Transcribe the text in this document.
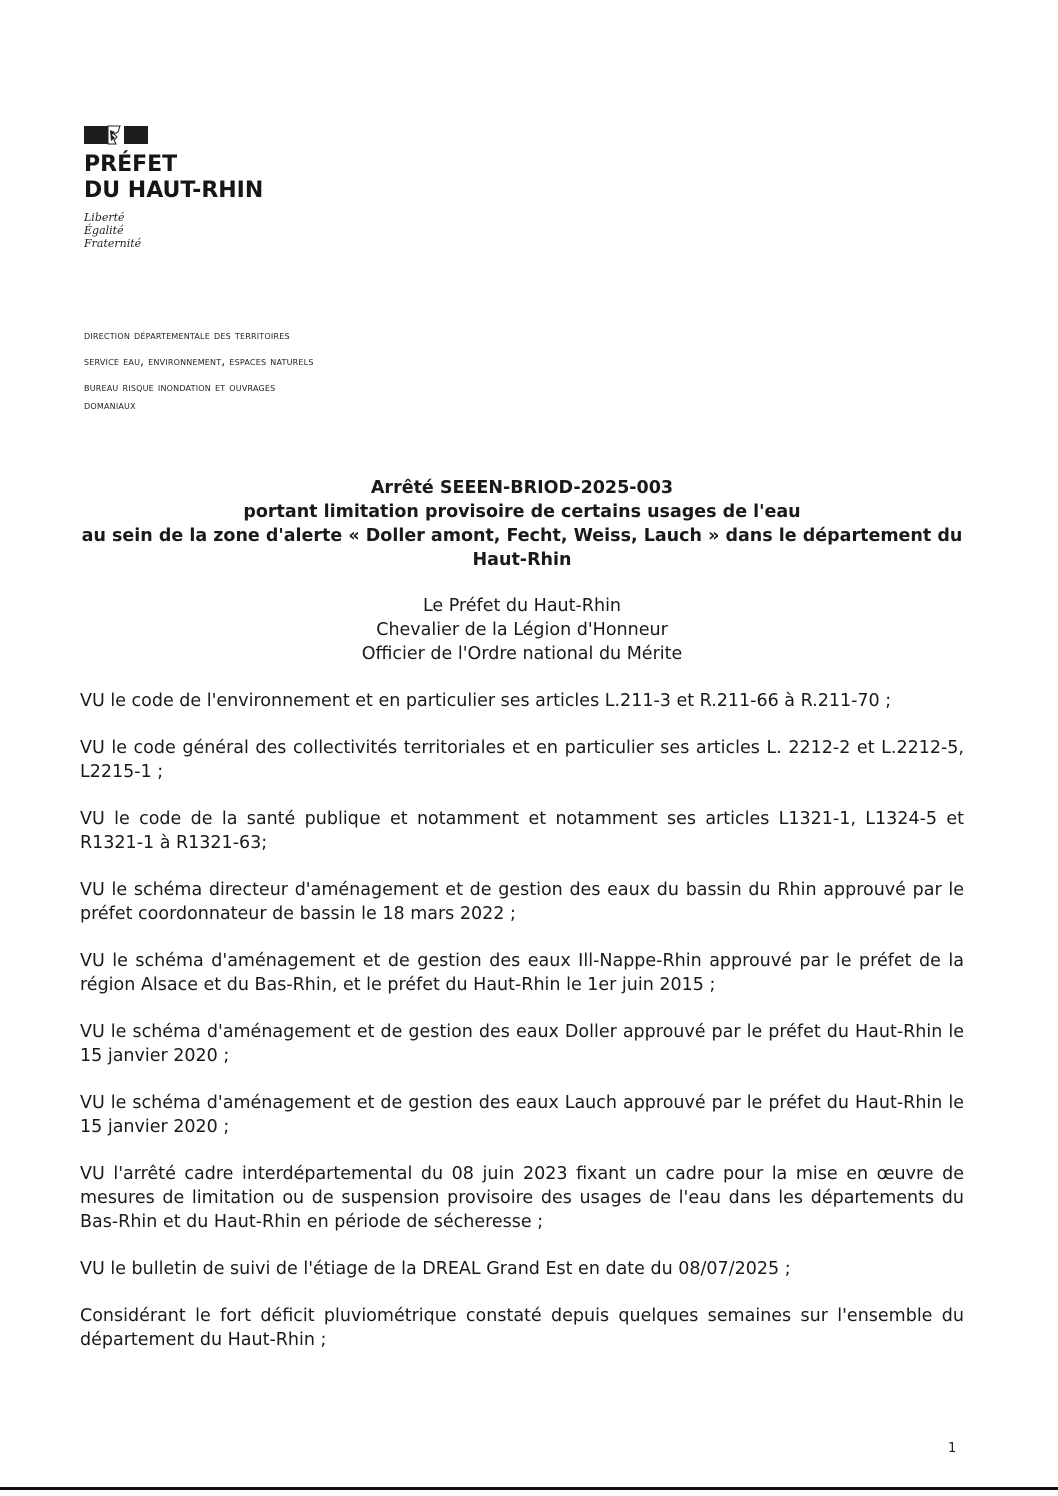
PRÉFET
DU HAUT-RHIN
Liberté
Égalité
Fraternité
direction départementale des territoires
service eau, environnement, espaces naturels
bureau risque inondation et ouvrages
domaniaux
Arrêté SEEEN-BRIOD-2025-003
portant limitation provisoire de certains usages de l'eau
au sein de la zone d'alerte « Doller amont, Fecht, Weiss, Lauch » dans le département du Haut-Rhin
Le Préfet du Haut-Rhin
Chevalier de la Légion d'Honneur
Officier de l'Ordre national du Mérite

VU le code de l'environnement et en particulier ses articles L.211-3 et R.211-66 à R.211-70 ;

VU le code général des collectivités territoriales et en particulier ses articles L. 2212-2 et L.2212-5, L2215-1 ;

VU le code de la santé publique et notamment et notamment ses articles L1321-1, L1324-5 et R1321-1 à R1321-63;

VU le schéma directeur d'aménagement et de gestion des eaux du bassin du Rhin approuvé par le préfet coordonnateur de bassin le 18 mars 2022 ;

VU le schéma d'aménagement et de gestion des eaux Ill-Nappe-Rhin approuvé par le préfet de la région Alsace et du Bas-Rhin, et le préfet du Haut-Rhin le 1er juin 2015 ;

VU le schéma d'aménagement et de gestion des eaux Doller approuvé par le préfet du Haut-Rhin le 15 janvier 2020 ;

VU le schéma d'aménagement et de gestion des eaux Lauch approuvé par le préfet du Haut-Rhin le 15 janvier 2020 ;

VU l'arrêté cadre interdépartemental du 08 juin 2023 fixant un cadre pour la mise en œuvre de mesures de limitation ou de suspension provisoire des usages de l'eau dans les départements du Bas-Rhin et du Haut-Rhin en période de sécheresse ;

VU le bulletin de suivi de l'étiage de la DREAL Grand Est en date du 08/07/2025 ;

Considérant le fort déficit pluviométrique constaté depuis quelques semaines sur l'ensemble du département du Haut-Rhin ;

1
